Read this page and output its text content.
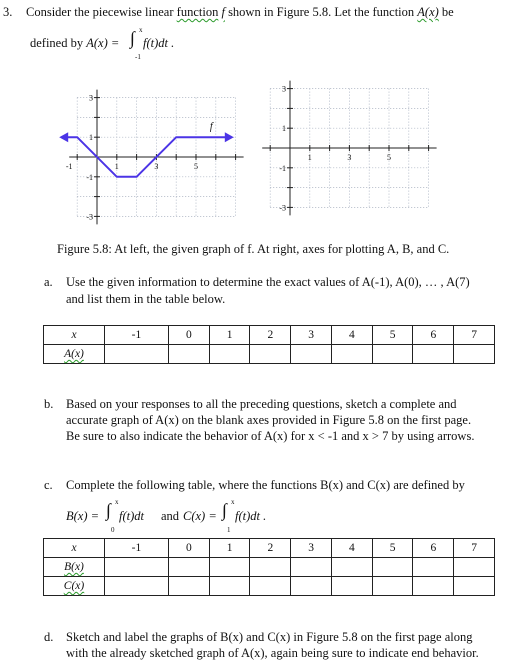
3. Consider the piecewise linear function f shown in Figure 5.8. Let the function A(x) be
defined by A(x) = ∫ x
-1
f(t)dt .
-1	1	3	5
3
1
-1
-3
1	3	5
3
1
-1
-3
f
Figure 5.8: At left, the given graph of f. At right, axes for plotting A, B, and C.
a. Use the given information to determine the exact values of A(-1), A(0), … , A(7)
and list them in the table below.
x	-1	0	1	2	3	4	5	6	7
A(x)									
b. Based on your responses to all the preceding questions, sketch a complete and
accurate graph of A(x) on the blank axes provided in Figure 5.8 on the first page.
Be sure to also indicate the behavior of A(x) for x < -1 and x > 7 by using arrows.
c. Complete the following table, where the functions B(x) and C(x) are defined by
B(x) = ∫ x
0
f(t)dt and C(x) = ∫ x
1
f(t)dt .
x	-1	0	1	2	3	4	5	6	7
B(x)									
C(x)									
d. Sketch and label the graphs of B(x) and C(x) in Figure 5.8 on the first page along
with the already sketched graph of A(x), again being sure to indicate end behavior.
